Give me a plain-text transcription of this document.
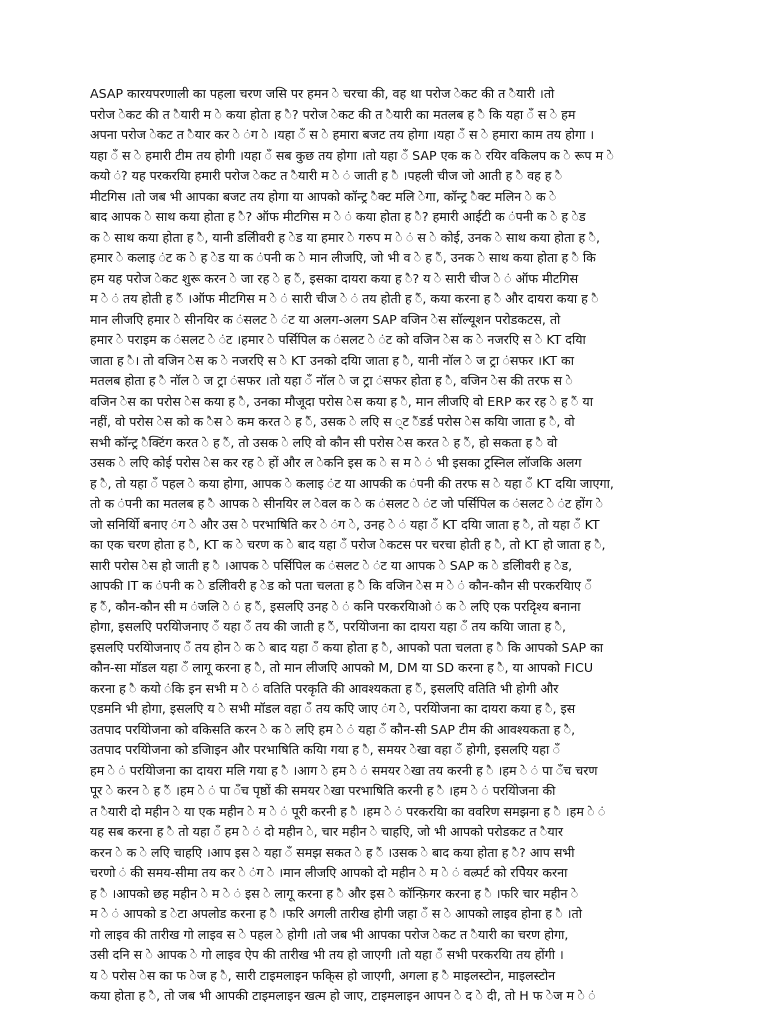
ASAP कारयपरणाली का पहला चरण जसि पर हमन े चरचा की, वह था परोज ेकट की त ैयारी ।तो
परोज ेकट की त ैयारी म े कया होता ह ै? परोज ेकट की त ैयारी का मतलब ह ै कि यहा ँ स े हम
अपना परोज ेकट त ैयार कर े ंग े ।यहा ँ स े हमारा बजट तय होगा ।यहा ँ स े हमारा काम तय होगा ।
यहा ँ स े हमारी टीम तय होगी ।यहा ँ सब कुछ तय होगा ।तो यहा ँ SAP एक क े रयिर वकिलप क े रूप म े
कयो ं? यह परकरयिा हमारी परोज ेकट त ैयारी म े ं जाती ह ै ।पहली चीज जो आती ह ै वह ह ै
मीटगिस ।तो जब भी आपका बजट तय होगा या आपको कॉन्ट्र ैक्ट मलि ेगा, कॉन्ट्र ैक्ट मलिन े क े
बाद आपक े साथ कया होता ह ै? ऑफ मीटगिस म े ं कया होता ह ै? हमारी आईटी क ंपनी क े ह ेड
क े साथ कया होता ह ै, यानी डलिीवरी ह ेड या हमार े गरुप म े ं स े कोई, उनक े साथ कया होता ह ै,
हमार े कलाइ ंट क े ह ेड या क ंपनी क े मान लीजएि, जो भी व े ह ैं, उनक े साथ कया होता ह ै कि
हम यह परोज ेकट शुरू करन े जा रह े ह ैं, इसका दायरा कया ह ै? य े सारी चीज े ं ऑफ मीटगिस
म े ं तय होती ह ैं ।ऑफ मीटगिस म े ं सारी चीज े ं तय होती ह ैं, कया करना ह ै और दायरा कया ह ै
मान लीजएि हमार े सीनयिर क ंसलट े ंट या अलग-अलग SAP वजिन ेस सॉल्यूशन परोडकटस, तो
हमार े पराइम क ंसलट े ंट ।हमार े पर्सिपिल क ंसलट े ंट को वजिन ेस क े नजरएि स े KT दयिा
जाता ह ै। तो वजिन ेस क े नजरएि स े KT उनको दयिा जाता ह ै, यानी नॉल े ज ट्रा ंसफर ।KT का
मतलब होता ह ै नॉल े ज ट्रा ंसफर ।तो यहा ँ नॉल े ज ट्रा ंसफर होता ह ै, वजिन ेस की तरफ स े
वजिन ेस का परोस ेस कया ह ै, उनका मौजूदा परोस ेस कया ह ै, मान लीजएि वो ERP कर रह े ह ैं या
नहीं, वो परोस ेस को क ैस े कम करत े ह ैं, उसक े लएि स ्ट ैंडर्ड परोस ेस कयिा जाता ह ै, वो
सभी कॉन्ट्र ैक्टिंग करत े ह ैं, तो उसक े लएि वो कौन सी परोस ेस करत े ह ैं, हो सकता ह ै वो
उसक े लएि कोई परोस ेस कर रह े हों और ल ेकनि इस क े स म े ं भी इसका ट्रस्निल लॉजकि अलग
ह ै, तो यहा ँ पहल े कया होगा, आपक े कलाइ ंट या आपकी क ंपनी की तरफ स े यहा ँ KT दयिा जाएगा,
तो क ंपनी का मतलब ह ै आपक े सीनयिर ल ेवल क े क ंसलट े ंट जो पर्सिपिल क ंसलट े ंट होंग े
जो सनिर्यिो बनाए ंग े और उस े परभाषिति कर े ंग े, उनह े ं यहा ँ KT दयिा जाता ह ै, तो यहा ँ KT
का एक चरण होता ह ै, KT क े चरण क े बाद यहा ँ परोज ेकटस पर चरचा होती ह ै, तो KT हो जाता ह ै,
सारी परोस ेस हो जाती ह ै ।आपक े पर्सिपिल क ंसलट े ंट या आपक े SAP क े डलिीवरी ह ेड,
आपकी IT क ंपनी क े डलिीवरी ह ेड को पता चलता ह ै कि वजिन ेस म े ं कौन-कौन सी परकरयिाए ँ
ह ैं, कौन-कौन सी म ंजलि े ं ह ैं, इसलएि उनह े ं कनि परकरयिाओ ं क े लएि एक परदिृश्य बनाना
होगा, इसलएि परयिोजनाए ँ यहा ँ तय की जाती ह ैं, परयिोजना का दायरा यहा ँ तय कयिा जाता ह ै,
इसलएि परयिोजनाए ँ तय होन े क े बाद यहा ँ कया होता ह ै, आपको पता चलता ह ै कि आपको SAP का
कौन-सा मॉडल यहा ँ लागू करना ह ै, तो मान लीजएि आपको M, DM या SD करना ह ै, या आपको FICU
करना ह ै कयो ंकि इन सभी म े ं वतिति परकृति की आवश्यकता ह ैं, इसलएि वतिति भी होगी और
एडमनि भी होगा, इसलएि य े सभी मॉडल वहा ँ तय कएि जाए ंग े, परयिोजना का दायरा कया ह ै, इस
उतपाद परयिोजना को वकिसति करन े क े लएि हम े ं यहा ँ कौन-सी SAP टीम की आवश्यकता ह ै,
उतपाद परयिोजना को डजिाइन और परभाषिति कयिा गया ह ै, समयर ेखा वहा ँ होगी, इसलएि यहा ँ
हम े ं परयिोजना का दायरा मलि गया ह ै ।आग े हम े ं समयर ेखा तय करनी ह ै ।हम े ं पा ँच चरण
पूर े करन े ह ैं ।हम े ं पा ँच पृष्ठों की समयर ेखा परभाषिति करनी ह ै ।हम े ं परयिोजना की
त ैयारी दो महीन े या एक महीन े म े ं पूरी करनी ह ै ।हम े ं परकरयिा का ववरिण समझना ह ै ।हम े ं
यह सब करना ह ै तो यहा ँ हम े ं दो महीन े, चार महीन े चाहएि, जो भी आपको परोडकट त ैयार
करन े क े लएि चाहएि ।आप इस े यहा ँ समझ सकत े ह ैं ।उसक े बाद कया होता ह ै? आप सभी
चरणो ं की समय-सीमा तय कर े ंग े ।मान लीजएि आपको दो महीन े म े ं वल्र्पर्ट को रपिेयर करना
ह ै ।आपको छह महीन े म े ं इस े लागू करना ह ै और इस े कॉन्फ़िगर करना ह ै ।फरि चार महीन े
म े ं आपको ड ेटा अपलोड करना ह ै ।फरि अगली तारीख होगी जहा ँ स े आपको लाइव होना ह ै ।तो
गो लाइव की तारीख गो लाइव स े पहल े होगी ।तो जब भी आपका परोज ेकट त ैयारी का चरण होगा,
उसी दनि स े आपक े गो लाइव ऐप की तारीख भी तय हो जाएगी ।तो यहा ँ सभी परकरयिा तय होंगी ।
य े परोस ेस का फ ेज ह ै, सारी टाइमलाइन फकि्स हो जाएगी, अगला ह ै माइलस्टोन, माइलस्टोन
कया होता ह ै, तो जब भी आपकी टाइमलाइन खत्म हो जाए, टाइमलाइन आपन े द े दी, तो H फ ेज म े ं
